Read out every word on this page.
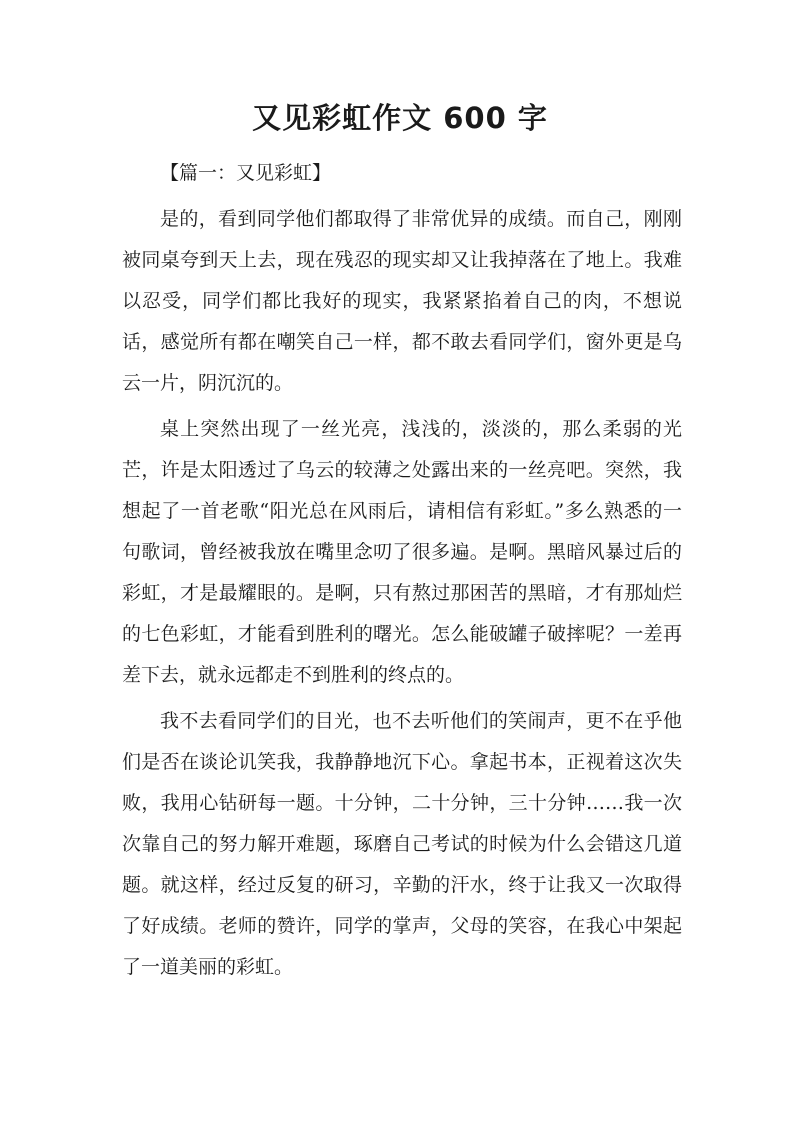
又见彩虹作文 600 字

【篇一：又见彩虹】

是的，看到同学他们都取得了非常优异的成绩。而自己，刚刚被同桌夸到天上去，现在残忍的现实却又让我掉落在了地上。我难以忍受，同学们都比我好的现实，我紧紧掐着自己的肉，不想说话，感觉所有都在嘲笑自己一样，都不敢去看同学们，窗外更是乌云一片，阴沉沉的。

桌上突然出现了一丝光亮，浅浅的，淡淡的，那么柔弱的光芒，许是太阳透过了乌云的较薄之处露出来的一丝亮吧。突然，我想起了一首老歌“阳光总在风雨后，请相信有彩虹。”多么熟悉的一句歌词，曾经被我放在嘴里念叨了很多遍。是啊。黑暗风暴过后的彩虹，才是最耀眼的。是啊，只有熬过那困苦的黑暗，才有那灿烂的七色彩虹，才能看到胜利的曙光。怎么能破罐子破摔呢？一差再差下去，就永远都走不到胜利的终点的。

我不去看同学们的目光，也不去听他们的笑闹声，更不在乎他们是否在谈论讥笑我，我静静地沉下心。拿起书本，正视着这次失败，我用心钻研每一题。十分钟，二十分钟，三十分钟……我一次次靠自己的努力解开难题，琢磨自己考试的时候为什么会错这几道题。就这样，经过反复的研习，辛勤的汗水，终于让我又一次取得了好成绩。老师的赞许，同学的掌声，父母的笑容，在我心中架起了一道美丽的彩虹。
